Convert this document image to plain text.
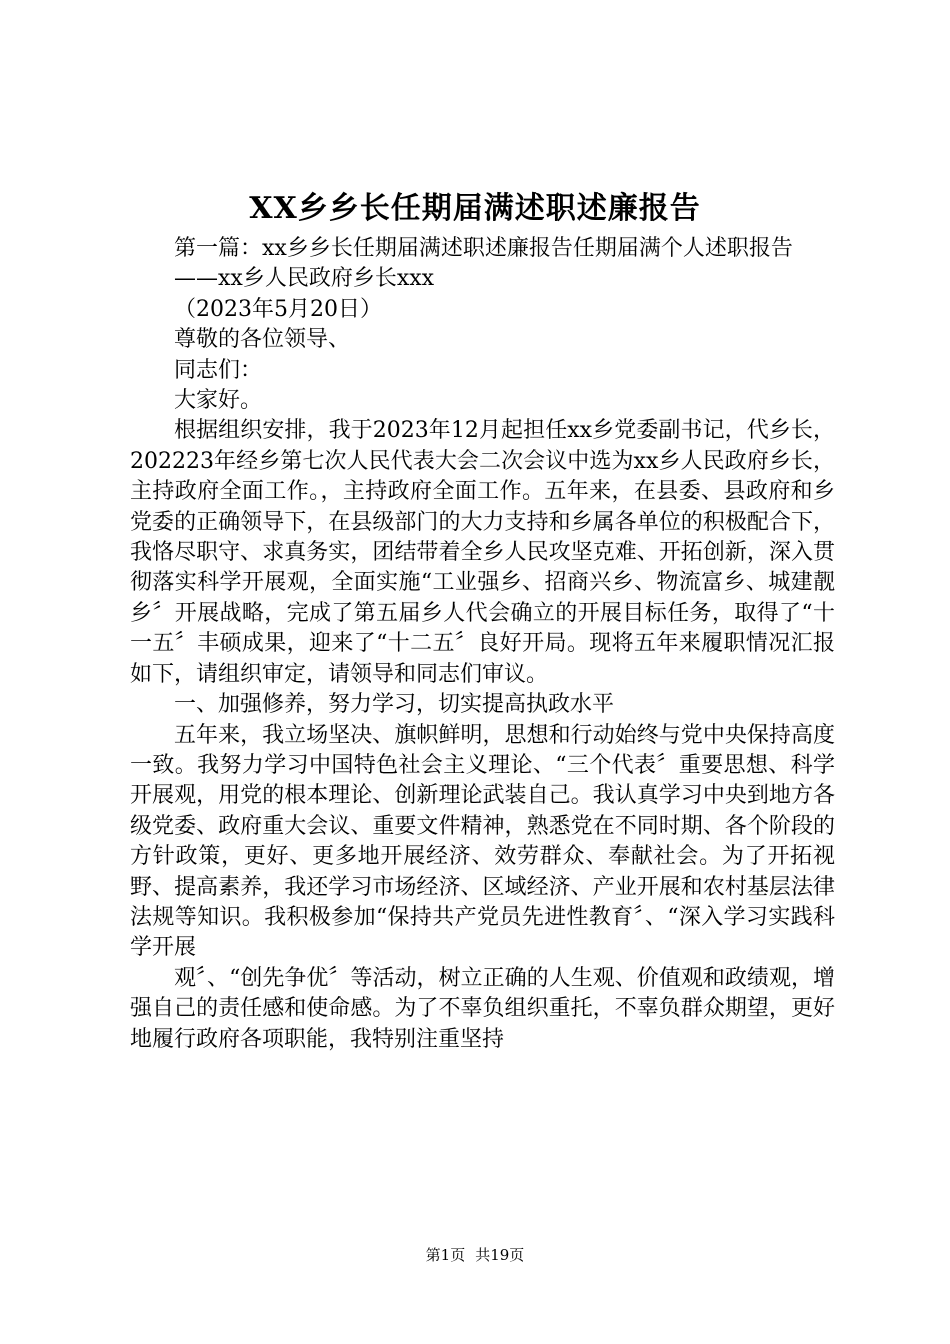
XX乡乡长任期届满述职述廉报告

第一篇：xx乡乡长任期届满述职述廉报告任期届满个人述职报告

——xx乡人民政府乡长xxx

（2023年5月20日）

尊敬的各位领导、

同志们：

大家好。

根据组织安排，我于2023年12月起担任xx乡党委副书记，代乡长，202223年经乡第七次人民代表大会二次会议中选为xx乡人民政府乡长，主持政府全面工作。，主持政府全面工作。五年来，在县委、县政府和乡党委的正确领导下，在县级部门的大力支持和乡属各单位的积极配合下，我恪尽职守、求真务实，团结带着全乡人民攻坚克难、开拓创新，深入贯彻落实科学开展观，全面实施“工业强乡、招商兴乡、物流富乡、城建靓乡〞开展战略，完成了第五届乡人代会确立的开展目标任务，取得了“十一五〞丰硕成果，迎来了“十二五〞良好开局。现将五年来履职情况汇报如下，请组织审定，请领导和同志们审议。

一、加强修养，努力学习，切实提高执政水平

五年来，我立场坚决、旗帜鲜明，思想和行动始终与党中央保持高度一致。我努力学习中国特色社会主义理论、“三个代表〞重要思想、科学开展观，用党的根本理论、创新理论武装自己。我认真学习中央到地方各级党委、政府重大会议、重要文件精神，熟悉党在不同时期、各个阶段的方针政策，更好、更多地开展经济、效劳群众、奉献社会。为了开拓视野、提高素养，我还学习市场经济、区域经济、产业开展和农村基层法律法规等知识。我积极参加“保持共产党员先进性教育〞、“深入学习实践科学开展

观〞、“创先争优〞等活动，树立正确的人生观、价值观和政绩观，增强自己的责任感和使命感。为了不辜负组织重托，不辜负群众期望，更好地履行政府各项职能，我特别注重坚持

第1页 共19页
